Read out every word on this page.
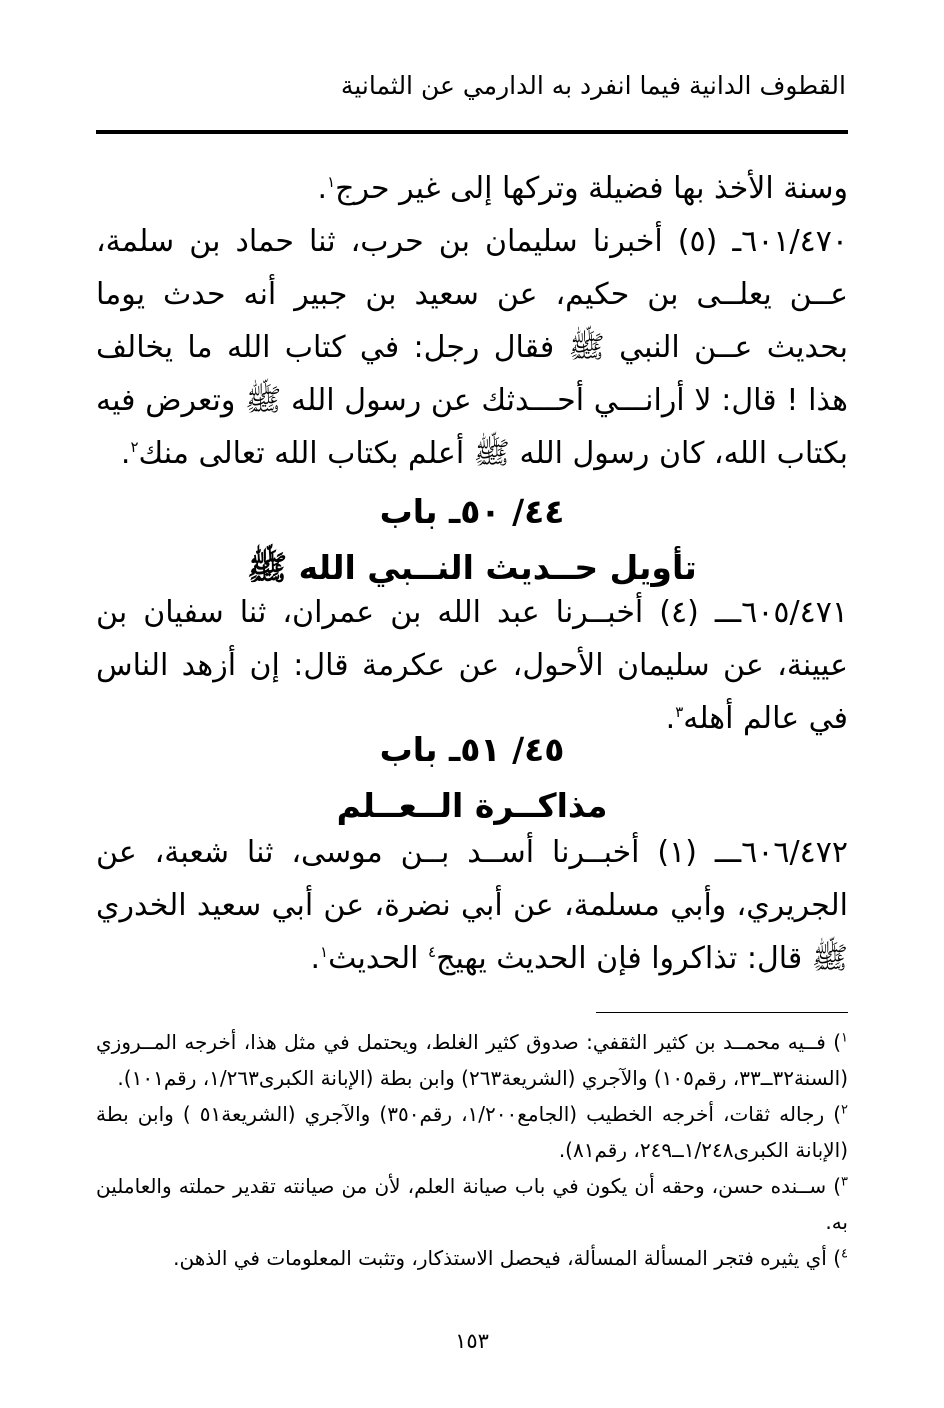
القطوف الدانية فيما انفرد به الدارمي عن الثمانية

وسنة الأخذ بها فضيلة وتركها إلى غير حرج$^١$.

٦٠١/٤٧٠ـ (٥) أخبرنا سليمان بن حرب، ثنا حماد بن سلمة، عــن يعلــى بن حكيم، عن سعيد بن جبير أنه حدث يوما بحديث عــن النبي ﷺ فقال رجل: في كتاب الله ما يخالف هذا ! قال: لا أرانـــي أحـــدثك عن رسول الله ﷺ وتعرض فيه بكتاب الله، كان رسول الله ﷺ أعلم بكتاب الله تعالى منك$^٢$.

٤٤/ ٥٠ـ باب
تأويل حــديث النــبي الله ﷺ

٦٠٥/٤٧١ـــ (٤) أخبــرنا عبد الله بن عمران، ثنا سفيان بن عيينة، عن سليمان الأحول، عن عكرمة قال: إن أزهد الناس في عالم أهله$^٣$.

٤٥/ ٥١ـ باب
مذاكــرة الــعــلم

٦٠٦/٤٧٢ـــ (١) أخبــرنا أســد بــن موسى، ثنا شعبة، عن الجريري، وأبي مسلمة، عن أبي نضرة، عن أبي سعيد الخدري ﷺ قال: تذاكروا فإن الحديث يهيج$^٤$ الحديث$^١$.

$^١$) فــيه محمــد بن كثير الثقفي: صدوق كثير الغلط، ويحتمل في مثل هذا، أخرجه المــروزي (السنة٣٢ــ٣٣، رقم١٠٥) والآجري (الشريعة٢٦٣) وابن بطة (الإبانة الكبرى١/٢٦٣، رقم١٠١).

$^٢$) رجاله ثقات، أخرجه الخطيب (الجامع١/٢٠٠، رقم٣٥٠) والآجري (الشريعة٥١ ) وابن بطة (الإبانة الكبرى١/٢٤٨ــ٢٤٩، رقم٨١).

$^٣$) ســنده حسن، وحقه أن يكون في باب صيانة العلم، لأن من صيانته تقدير حملته والعاملين به.

$^٤$) أي يثيره فتجر المسألة المسألة، فيحصل الاستذكار، وتثبت المعلومات في الذهن.

١٥٣
